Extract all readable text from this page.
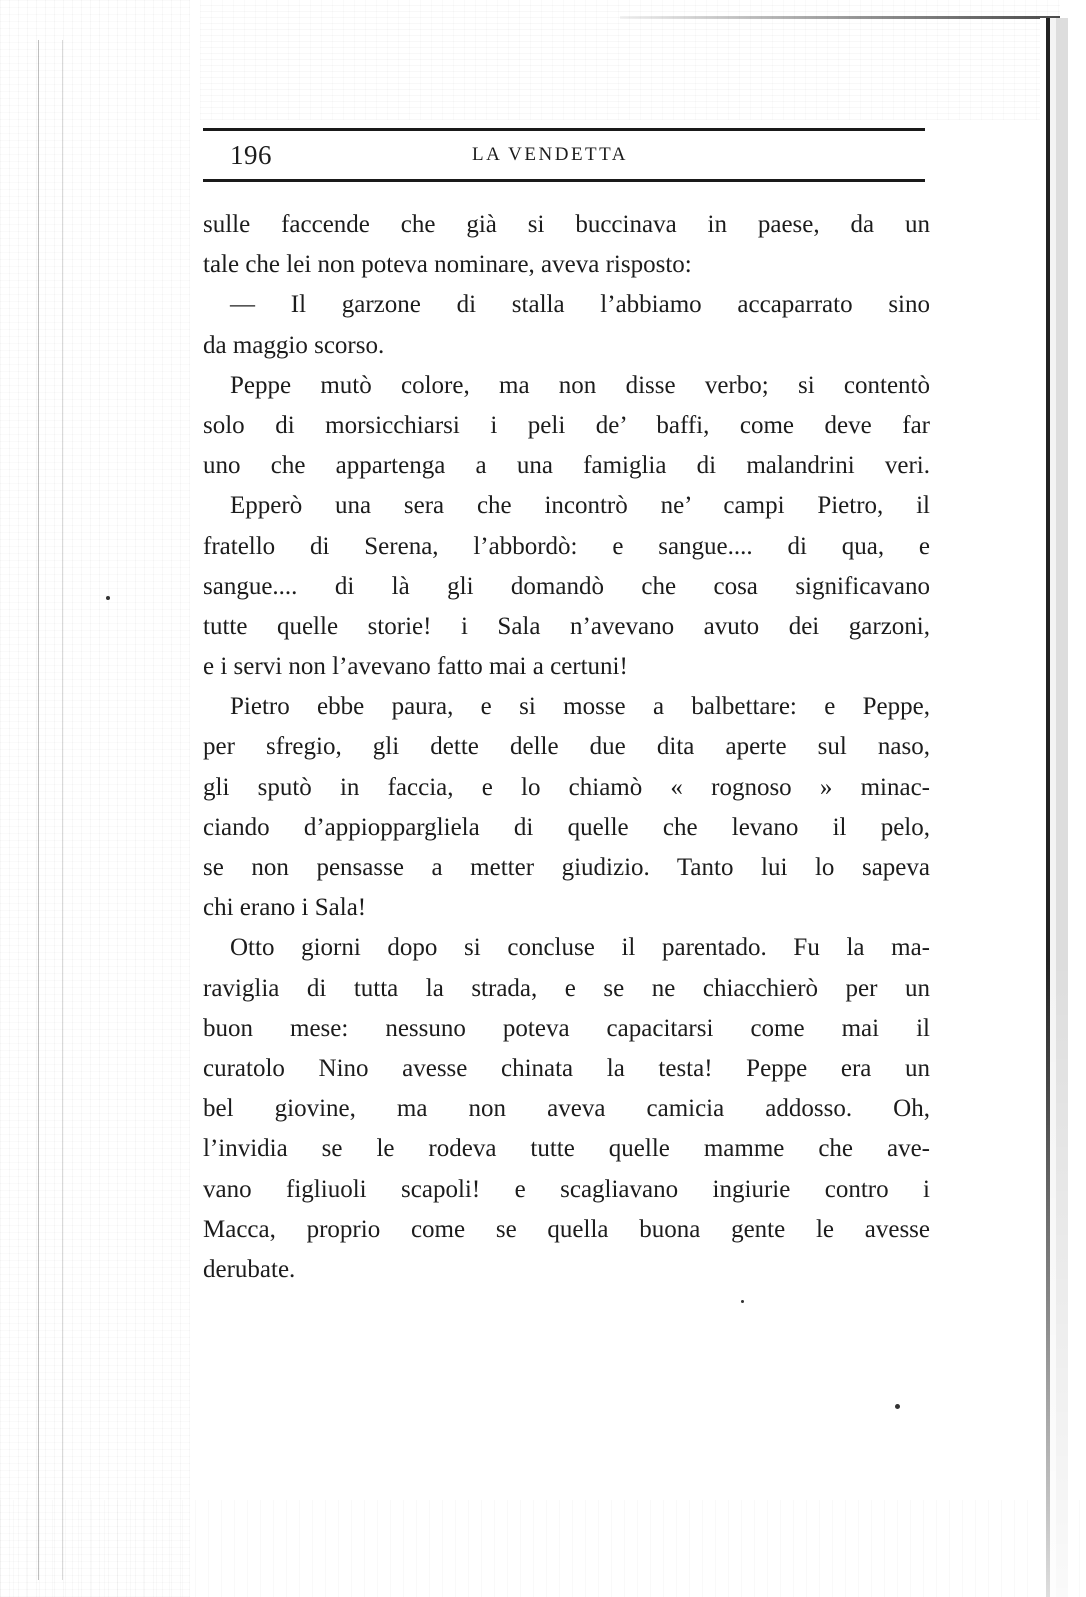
196	LA VENDETTA
sulle faccende che già si buccinava in paese, da un
tale che lei non poteva nominare, aveva risposto:
— Il garzone di stalla l’abbiamo accaparrato sino
da maggio scorso.
Peppe mutò colore, ma non disse verbo; si contentò
solo di morsicchiarsi i peli de’ baffi, come deve far
uno che appartenga a una famiglia di malandrini veri.
Epperò una sera che incontrò ne’ campi Pietro, il
fratello di Serena, l’abbordò: e sangue.... di qua, e
sangue.... di là gli domandò che cosa significavano
tutte quelle storie! i Sala n’avevano avuto dei garzoni,
e i servi non l’avevano fatto mai a certuni!
Pietro ebbe paura, e si mosse a balbettare: e Peppe,
per sfregio, gli dette delle due dita aperte sul naso,
gli sputò in faccia, e lo chiamò « rognoso » minac-
ciando d’appioppargliela di quelle che levano il pelo,
se non pensasse a metter giudizio. Tanto lui lo sapeva
chi erano i Sala!
Otto giorni dopo si concluse il parentado. Fu la ma-
raviglia di tutta la strada, e se ne chiacchierò per un
buon mese: nessuno poteva capacitarsi come mai il
curatolo Nino avesse chinata la testa! Peppe era un
bel giovine, ma non aveva camicia addosso. Oh,
l’invidia se le rodeva tutte quelle mamme che ave-
vano figliuoli scapoli! e scagliavano ingiurie contro i
Macca, proprio come se quella buona gente le avesse
derubate.
